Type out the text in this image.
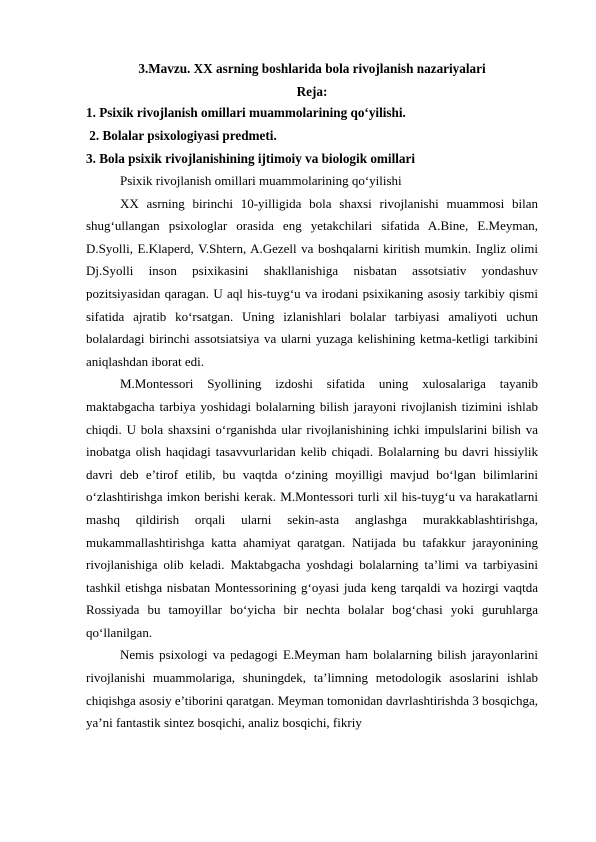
3.Mavzu. XX asrning boshlarida bola rivojlanish nazariyalari

Reja:

1. Psixik rivojlanish omillari muammolarining qo‘yilishi.

2. Bolalar psixologiyasi predmeti.

3. Bola psixik rivojlanishining ijtimoiy va biologik omillari

Psixik rivojlanish omillari muammolarining qo‘yilishi

XX asrning birinchi 10-yilligida bola shaxsi rivojlanishi muammosi bilan shug‘ullangan psixologlar orasida eng yetakchilari sifatida A.Bine, E.Meyman, D.Syolli, E.Klaperd, V.Shtern, A.Gezell va boshqalarni kiritish mumkin. Ingliz olimi Dj.Syolli inson psixikasini shakllanishiga nisbatan assotsiativ yondashuv pozitsiyasidan qaragan. U aql his-tuyg‘u va irodani psixikaning asosiy tarkibiy qismi sifatida ajratib ko‘rsatgan. Uning izlanishlari bolalar tarbiyasi amaliyoti uchun bolalardagi birinchi assotsiatsiya va ularni yuzaga kelishining ketma-ketligi tarkibini aniqlashdan iborat edi.

M.Montessori Syollining izdoshi sifatida uning xulosalariga tayanib maktabgacha tarbiya yoshidagi bolalarning bilish jarayoni rivojlanish tizimini ishlab chiqdi. U bola shaxsini o‘rganishda ular rivojlanishining ichki impulslarini bilish va inobatga olish haqidagi tasavvurlaridan kelib chiqadi. Bolalarning bu davri hissiylik davri deb e’tirof etilib, bu vaqtda o‘zining moyilligi mavjud bo‘lgan bilimlarini o‘zlashtirishga imkon berishi kerak. M.Montessori turli xil his-tuyg‘u va harakatlarni mashq qildirish orqali ularni sekin-asta anglashga murakkablashtirishga, mukammallashtirishga katta ahamiyat qaratgan. Natijada bu tafakkur jarayonining rivojlanishiga olib keladi. Maktabgacha yoshdagi bolalarning ta’limi va tarbiyasini tashkil etishga nisbatan Montessorining g‘oyasi juda keng tarqaldi va hozirgi vaqtda Rossiyada bu tamoyillar bo‘yicha bir nechta bolalar bog‘chasi yoki guruhlarga qo‘llanilgan.

Nemis psixologi va pedagogi E.Meyman ham bolalarning bilish jarayonlarini rivojlanishi muammolariga, shuningdek, ta’limning metodologik asoslarini ishlab chiqishga asosiy e’tiborini qaratgan. Meyman tomonidan davrlashtirishda 3 bosqichga, ya’ni fantastik sintez bosqichi, analiz bosqichi, fikriy
